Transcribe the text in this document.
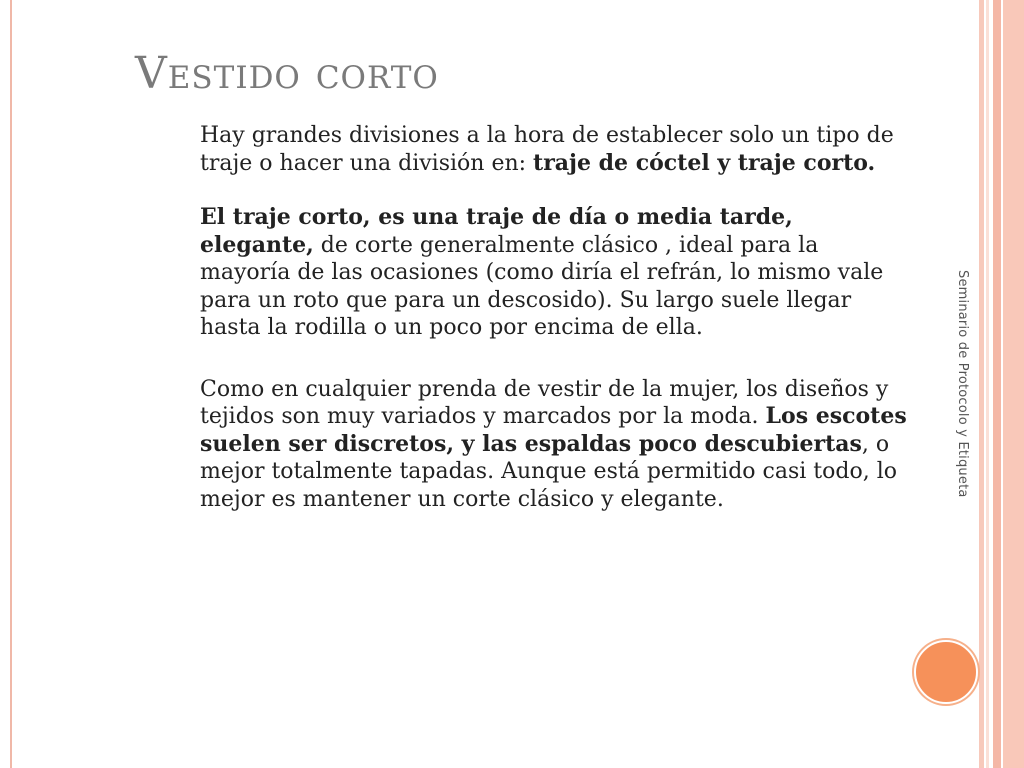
Vestido corto

Hay grandes divisiones a la hora de establecer solo un tipo de traje o hacer una división en: traje de cóctel y traje corto.

El traje corto, es una traje de día o media tarde, elegante, de corte generalmente clásico , ideal para la mayoría de las ocasiones (como diría el refrán, lo mismo vale para un roto que para un descosido). Su largo suele llegar hasta la rodilla o un poco por encima de ella.

Como en cualquier prenda de vestir de la mujer, los diseños y tejidos son muy variados y marcados por la moda. Los escotes suelen ser discretos, y las espaldas poco descubiertas, o mejor totalmente tapadas. Aunque está permitido casi todo, lo mejor es mantener un corte clásico y elegante.

Seminario de Protocolo y Etiqueta
